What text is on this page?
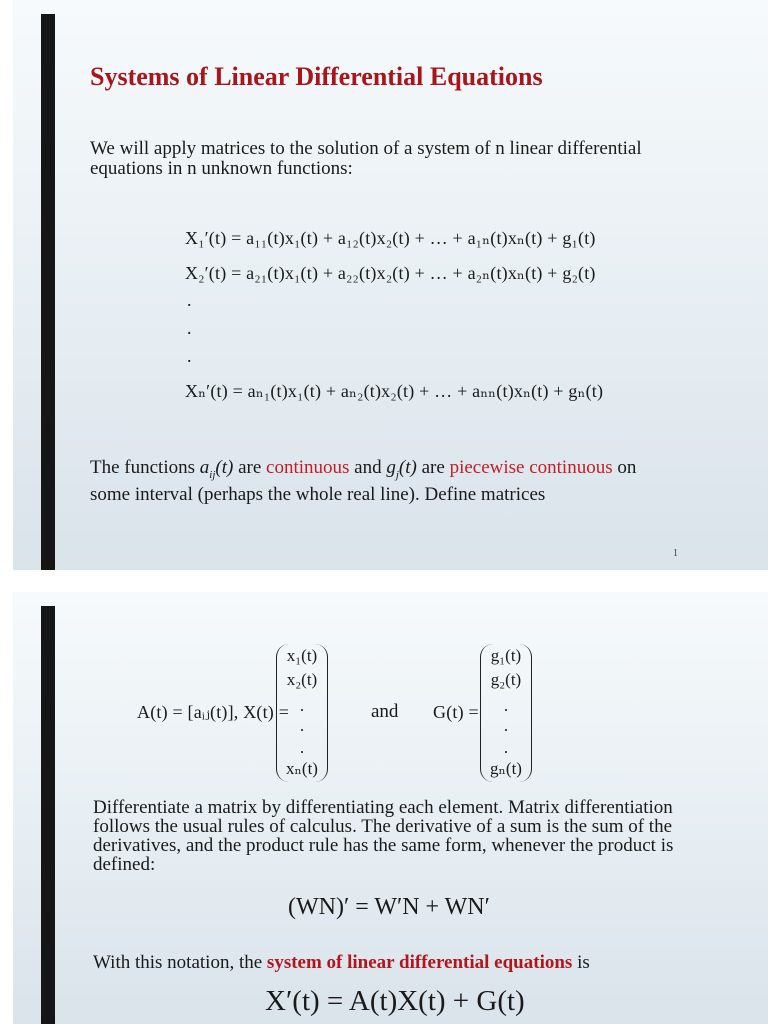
Systems of Linear Differential Equations
We will apply matrices to the solution of a system of n linear differential
equations in n unknown functions:
X₁′(t) = a₁₁(t)x₁(t) + a₁₂(t)x₂(t) + … + a₁ₙ(t)xₙ(t) + g₁(t)
X₂′(t) = a₂₁(t)x₁(t) + a₂₂(t)x₂(t) + … + a₂ₙ(t)xₙ(t) + g₂(t)
.
.
.
Xₙ′(t) = aₙ₁(t)x₁(t) + aₙ₂(t)x₂(t) + … + aₙₙ(t)xₙ(t) + gₙ(t)
The functions $a_{ij}(t)$ are continuous and $g_j(t)$ are piecewise continuous on
some interval (perhaps the whole real line). Define matrices
1
A(t) = [aᵢⱼ(t)], X(t) =
x₁(t)
x₂(t)
.
.
.
xₙ(t)
and G(t) =
g₁(t)
g₂(t)
.
.
.
gₙ(t)
Differentiate a matrix by differentiating each element. Matrix differentiation
follows the usual rules of calculus. The derivative of a sum is the sum of the
derivatives, and the product rule has the same form, whenever the product is
defined:
(WN)′ = W′N + WN′
With this notation, the system of linear differential equations is
X′(t) = A(t)X(t) + G(t)
